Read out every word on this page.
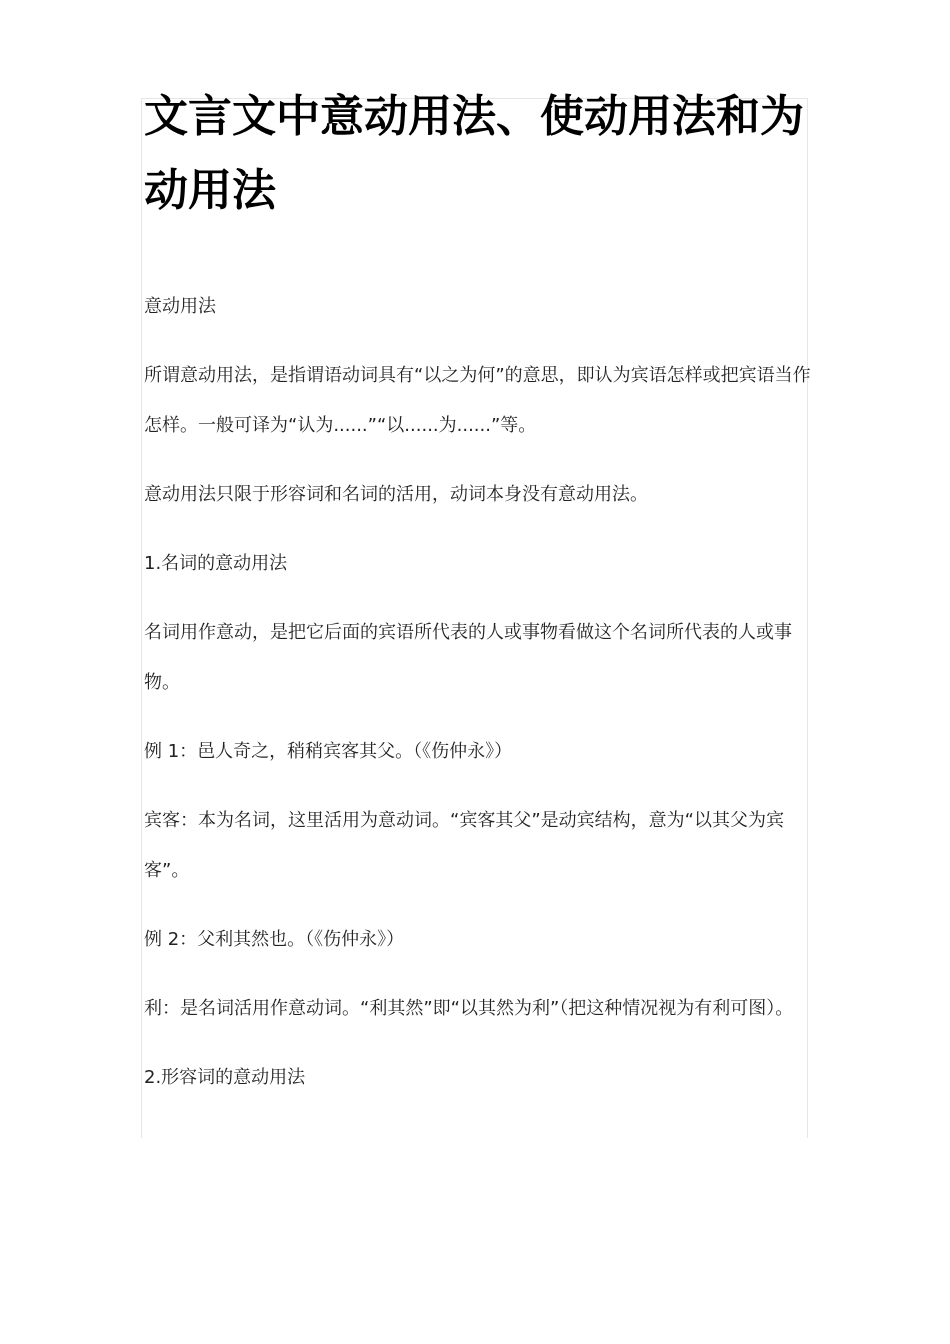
文言文中意动用法、使动用法和为动用法

意动用法

所谓意动用法，是指谓语动词具有“以之为何”的意思，即认为宾语怎样或把宾语当作怎样。一般可译为“认为......”“以......为......”等。

意动用法只限于形容词和名词的活用，动词本身没有意动用法。

1.名词的意动用法

名词用作意动，是把它后面的宾语所代表的人或事物看做这个名词所代表的人或事物。

例 1：邑人奇之，稍稍宾客其父。（《伤仲永》）

宾客：本为名词，这里活用为意动词。“宾客其父”是动宾结构，意为“以其父为宾客”。

例 2：父利其然也。（《伤仲永》）

利：是名词活用作意动词。“利其然”即“以其然为利”（把这种情况视为有利可图）。

2.形容词的意动用法
